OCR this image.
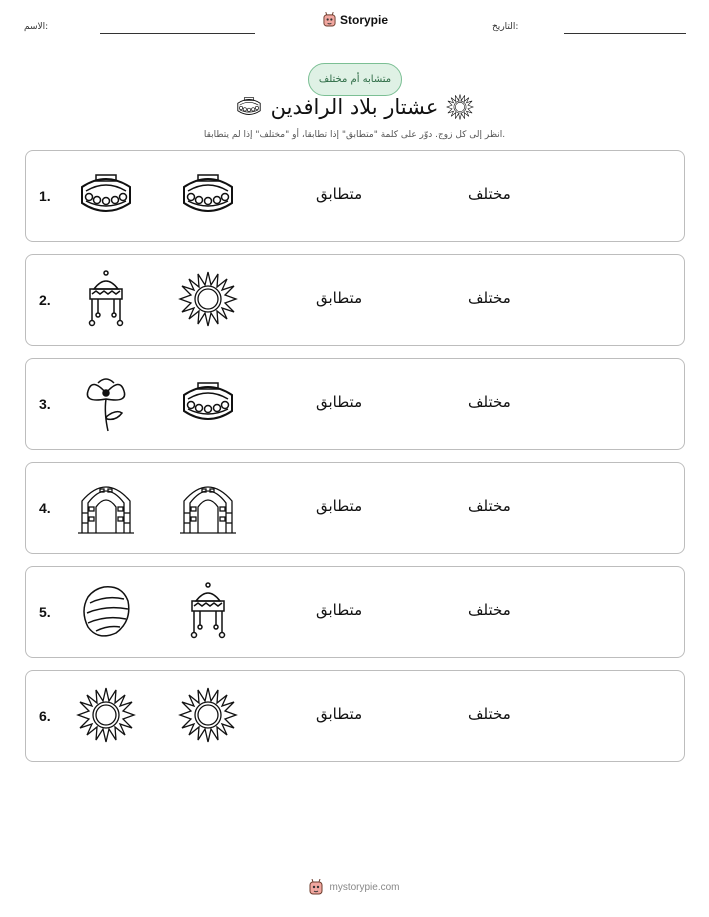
الاسم:
Storypie
التاريخ:
متشابه أم مختلف
عشتار بلاد الرافدين
انظر إلى كل زوج. دوّر على كلمة "متطابق" إذا تطابقا، أو "مختلف" إذا لم يتطابقا.
1.	متطابق	مختلف
2.	متطابق	مختلف
3.	متطابق	مختلف
4.	متطابق	مختلف
5.	متطابق	مختلف
6.	متطابق	مختلف
mystorypie.com
